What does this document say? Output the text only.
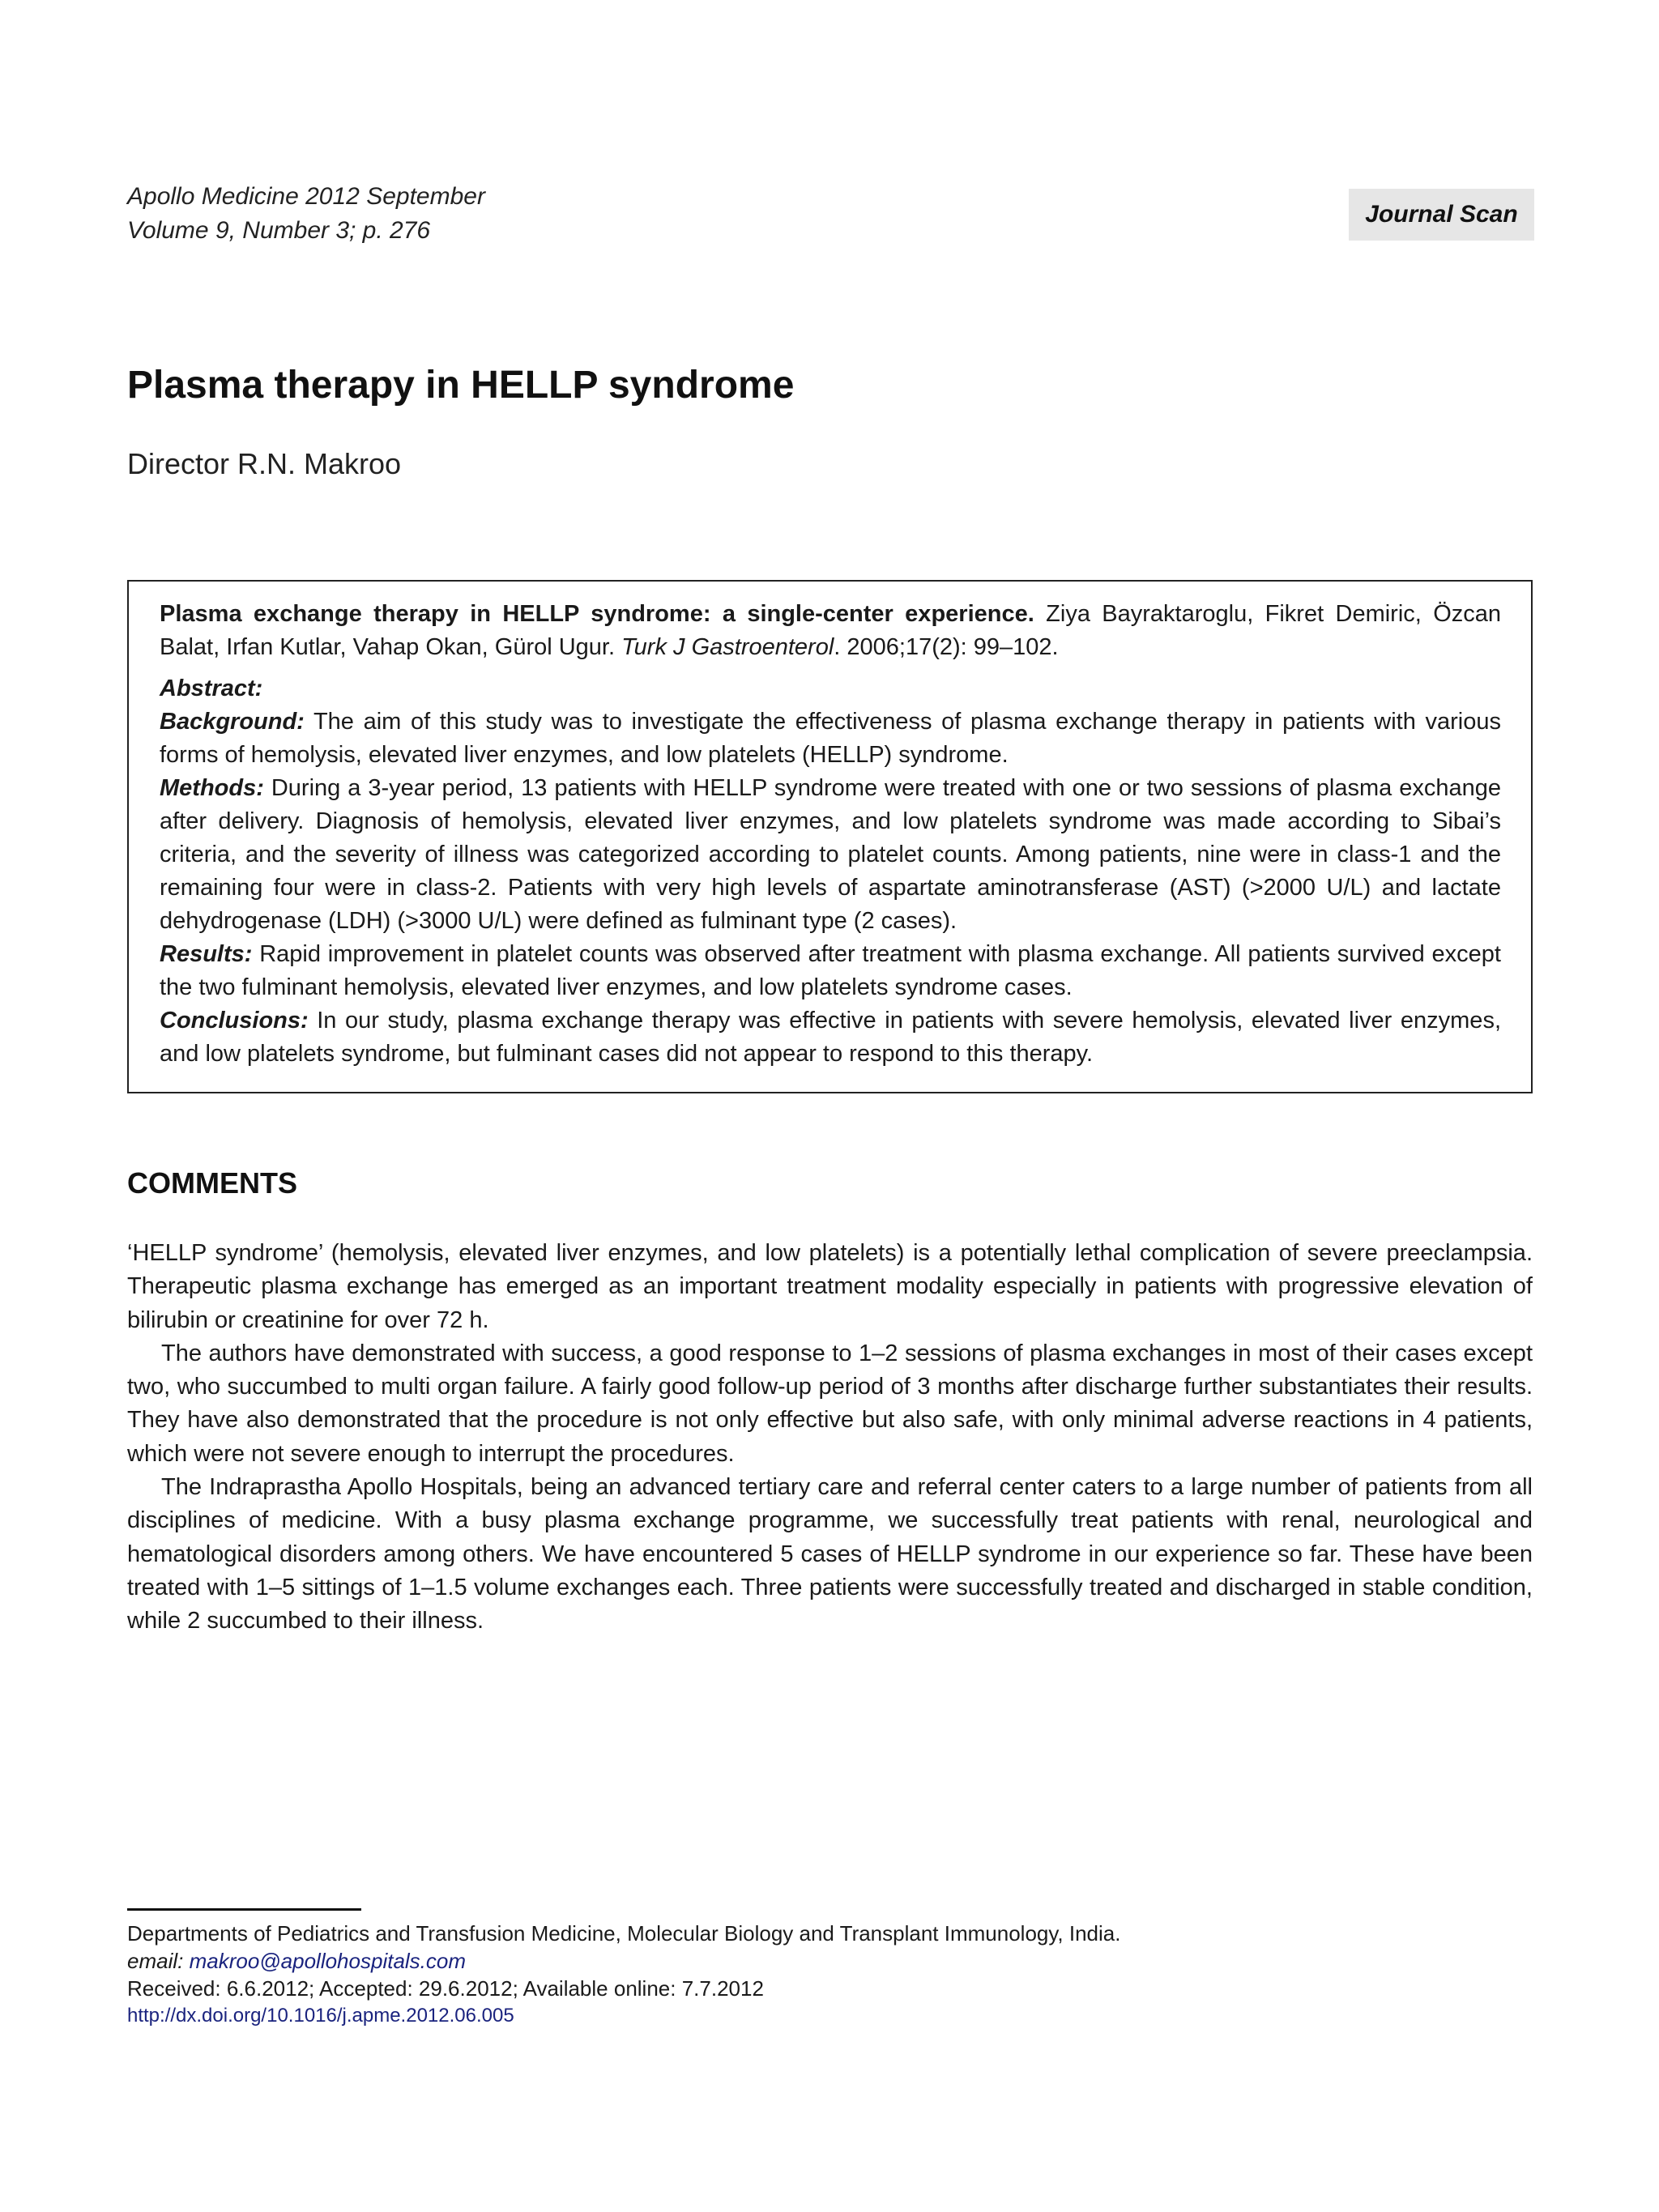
Apollo Medicine 2012 September
Volume 9, Number 3; p. 276
Journal Scan
Plasma therapy in HELLP syndrome
Director R.N. Makroo

Plasma exchange therapy in HELLP syndrome: a single-center experience. Ziya Bayraktaroglu, Fikret Demiric, Özcan Balat, Irfan Kutlar, Vahap Okan, Gürol Ugur. Turk J Gastroenterol. 2006;17(2): 99–102.

Abstract:

Background: The aim of this study was to investigate the effectiveness of plasma exchange therapy in patients with various forms of hemolysis, elevated liver enzymes, and low platelets (HELLP) syndrome.

Methods: During a 3-year period, 13 patients with HELLP syndrome were treated with one or two sessions of plasma exchange after delivery. Diagnosis of hemolysis, elevated liver enzymes, and low platelets syndrome was made according to Sibai’s criteria, and the severity of illness was categorized according to platelet counts. Among patients, nine were in class-1 and the remaining four were in class-2. Patients with very high levels of aspartate aminotransferase (AST) (>2000 U/L) and lactate dehydrogenase (LDH) (>3000 U/L) were defined as fulminant type (2 cases).

Results: Rapid improvement in platelet counts was observed after treatment with plasma exchange. All patients survived except the two fulminant hemolysis, elevated liver enzymes, and low platelets syndrome cases.

Conclusions: In our study, plasma exchange therapy was effective in patients with severe hemolysis, elevated liver enzymes, and low platelets syndrome, but fulminant cases did not appear to respond to this therapy.

COMMENTS

‘HELLP syndrome’ (hemolysis, elevated liver enzymes, and low platelets) is a potentially lethal complication of severe preeclampsia. Therapeutic plasma exchange has emerged as an important treatment modality especially in patients with progressive elevation of bilirubin or creatinine for over 72 h.

The authors have demonstrated with success, a good response to 1–2 sessions of plasma exchanges in most of their cases except two, who succumbed to multi organ failure. A fairly good follow-up period of 3 months after discharge further substantiates their results. They have also demonstrated that the procedure is not only effective but also safe, with only minimal adverse reactions in 4 patients, which were not severe enough to interrupt the procedures.

The Indraprastha Apollo Hospitals, being an advanced tertiary care and referral center caters to a large number of patients from all disciplines of medicine. With a busy plasma exchange programme, we successfully treat patients with renal, neurological and hematological disorders among others. We have encountered 5 cases of HELLP syndrome in our experience so far. These have been treated with 1–5 sittings of 1–1.5 volume exchanges each. Three patients were successfully treated and discharged in stable condition, while 2 succumbed to their illness.

Departments of Pediatrics and Transfusion Medicine, Molecular Biology and Transplant Immunology, India.
email: makroo@apollohospitals.com
Received: 6.6.2012; Accepted: 29.6.2012; Available online: 7.7.2012
http://dx.doi.org/10.1016/j.apme.2012.06.005
